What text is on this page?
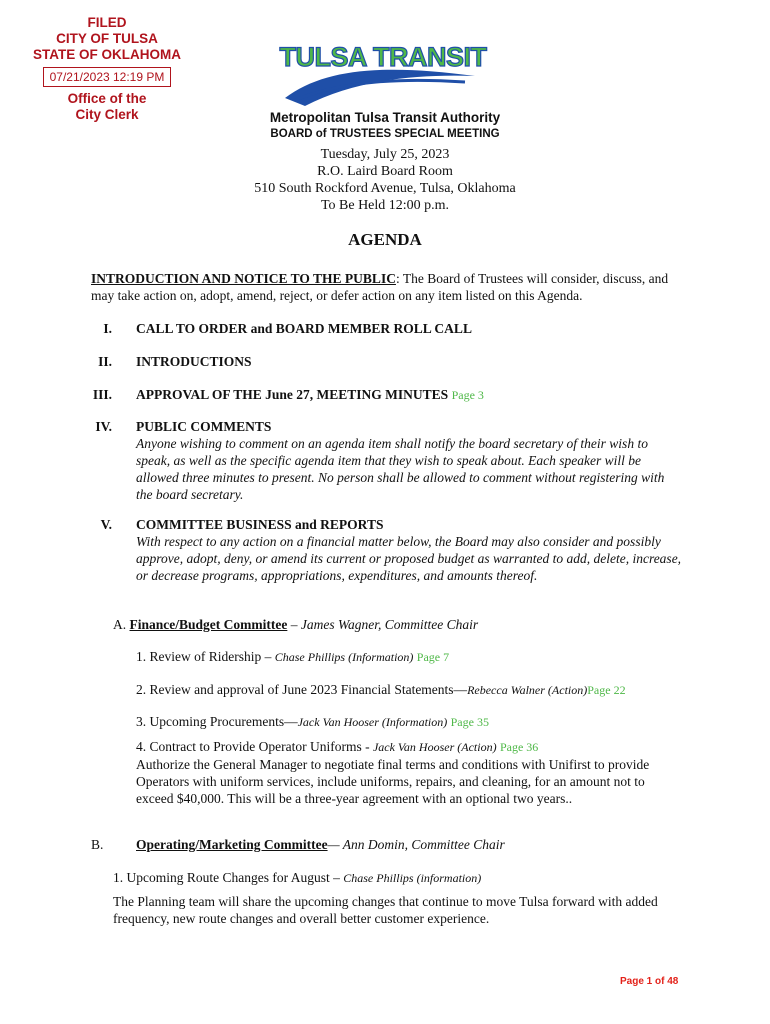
FILED
CITY OF TULSA
STATE OF OKLAHOMA
07/21/2023 12:19 PM
Office of the
City Clerk
TULSA TRANSIT
Metropolitan Tulsa Transit Authority
BOARD of TRUSTEES SPECIAL MEETING
Tuesday, July 25, 2023
R.O. Laird Board Room
510 South Rockford Avenue, Tulsa, Oklahoma
To Be Held 12:00 p.m.
AGENDA
INTRODUCTION AND NOTICE TO THE PUBLIC: The Board of Trustees will consider, discuss, and may take action on, adopt, amend, reject, or defer action on any item listed on this Agenda.
I. CALL TO ORDER and BOARD MEMBER ROLL CALL
II. INTRODUCTIONS
III. APPROVAL OF THE June 27, MEETING MINUTES Page 3
IV. PUBLIC COMMENTS
Anyone wishing to comment on an agenda item shall notify the board secretary of their wish to speak, as well as the specific agenda item that they wish to speak about. Each speaker will be allowed three minutes to present. No person shall be allowed to comment without registering with the board secretary.
V. COMMITTEE BUSINESS and REPORTS
With respect to any action on a financial matter below, the Board may also consider and possibly approve, adopt, deny, or amend its current or proposed budget as warranted to add, delete, increase, or decrease programs, appropriations, expenditures, and amounts thereof.
A. Finance/Budget Committee – James Wagner, Committee Chair
1. Review of Ridership – Chase Phillips (Information) Page 7
2. Review and approval of June 2023 Financial Statements—Rebecca Walner (Action)Page 22
3. Upcoming Procurements—Jack Van Hooser (Information) Page 35
4. Contract to Provide Operator Uniforms - Jack Van Hooser (Action) Page 36
Authorize the General Manager to negotiate final terms and conditions with Unifirst to provide Operators with uniform services, include uniforms, repairs, and cleaning, for an amount not to exceed $40,000. This will be a three-year agreement with an optional two years..
B. Operating/Marketing Committee— Ann Domin, Committee Chair
1. Upcoming Route Changes for August – Chase Phillips (information)
The Planning team will share the upcoming changes that continue to move Tulsa forward with added frequency, new route changes and overall better customer experience.
Page 1 of 48
